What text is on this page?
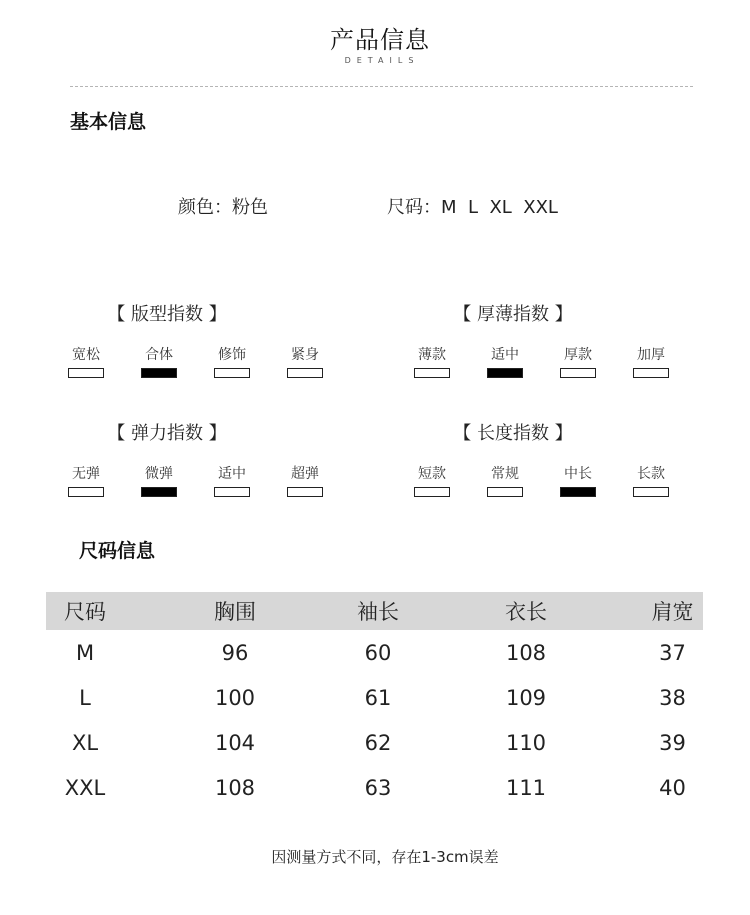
产品信息
DETAILS
基本信息
颜色：粉色	尺码：M  L  XL  XXL
【 版型指数 】
宽松	合体	修饰	紧身
【 厚薄指数 】
薄款	适中	厚款	加厚
【 弹力指数 】
无弹	微弹	适中	超弹
【 长度指数 】
短款	常规	中长	长款
尺码信息
尺码	胸围	袖长	衣长	肩宽
M	96	60	108	37
L	100	61	109	38
XL	104	62	110	39
XXL	108	63	111	40
因测量方式不同，存在1-3cm误差
